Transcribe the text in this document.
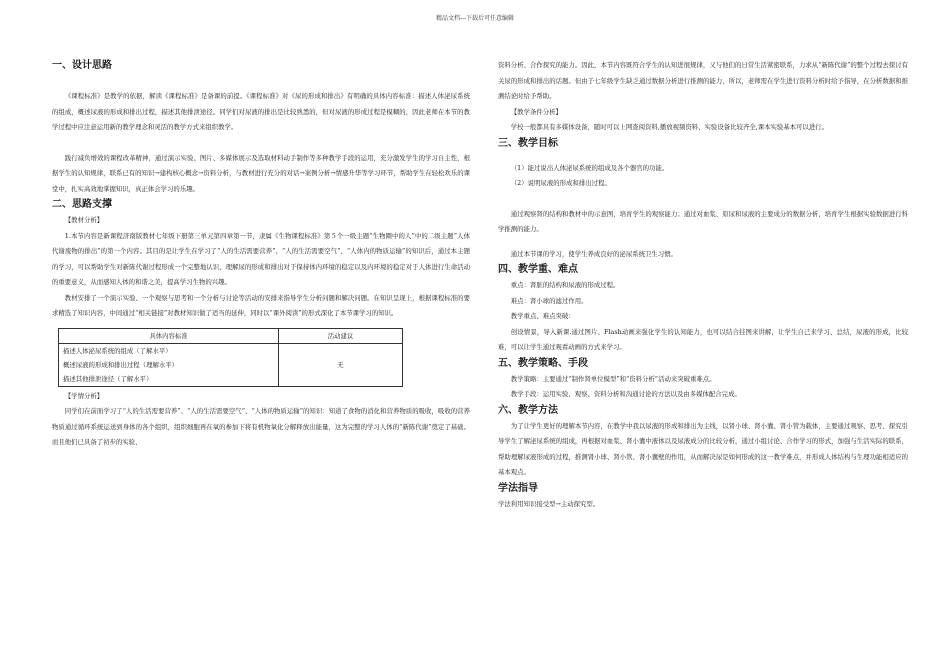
精品文档---下载后可任意编辑
一、设计思路

《课程标准》是教学的依据，解读《课程标准》是备课的前提。《课程标准》对《尿的形成和排出》有明确的具体内容标准：描述人体泌尿系统的组成，概述尿液的形成和排出过程，描述其他排泄途径。同学们对尿液的排出是比较熟悉的，但对尿液的形成过程是模糊的，因此老师在本节的教学过程中应注意运用新的教学理念和灵活的教学方式来组织教学。

践行减负增效的课程改革精神，通过演示实验、图片、多媒体展示及选取材料动手制作等多种教学手段的运用，充分激发学生的学习自主性，根据学生的认知规律，联系已有的知识→建构核心概念→资料分析，与教材进行充分的对话→案例分析→情感升华等学习环节，帮助学生在轻松欢乐的课堂中，扎实高效地掌握知识，真正体会学习的乐趣。

二、思路支撑
【教材分析】

1.本节内容是新课程济南版教材七年级下册第三单元第四章第一节，隶属《生物课程标准》第５个一级主题“生物圈中的人”中的二级主题“人体代谢废物的排出”的第一个内容。其目的是让学生在学习了“人的生活需要营养”、“人的生活需要空气”、“人体内的物质运输”的知识后，通过本主题的学习，可以帮助学生对新陈代谢过程形成一个完整地认识，理解尿的形成和排出对于保持体内环境的稳定以及内环境的稳定对于人体进行生命活动的重要意义，从而感知人体的和谐之美，提高学习生物的兴趣。

教材安排了一个演示实验、一个观察与思考和一个分析与讨论等活动的安排来指导学生分析问题和解决问题。在知识呈现上，根据课程标准的要求精选了知识内容，中间通过“相关链接”对教材知识做了适当的延伸，同时以“课外阅读”的形式深化了本节课学习的知识。

具体内容标准	活动建议

描述人体泌尿系统的组成（了解水平）
概述尿液的形成和排出过程（理解水平）
描述其他排泄途径（了解水平）	无
【学情分析】

同学们在前面学习了“人的生活需要营养”、“人的生活需要空气”、“人体的物质运输”的知识：知道了食物的消化和营养物质的吸收，吸收的营养物质通过循环系统运送到身体的各个组织，组织细胞再在氧的参加下将有机物氧化分解释放出能量，这为完整的学习人体的“新陈代谢”奠定了基础。而且他们已具备了初步的实验、

资料分析、合作探究的能力。因此，本节内容既符合学生的认知进展规律，又与他们的日常生活紧密联系，力求从“新陈代谢”的整个过程去探讨有关尿的形成和排出的话题。但由于七年级学生缺乏通过数据分析进行推测的能力，所以，老师需在学生进行资料分析时给予指导，在分析数据和推测结论时给予帮助。
【教学条件分析】

学校一般都具有多媒体设备，随时可以上网查阅资料,播放视频资料、实验设备比较齐全,课本实验基本可以进行。

三、教学目标
（1）能过说出人体泌尿系统的组成及各个器官的功能。
（2）说明尿液的形成和排出过程。

通过观察肾的结构和教材中的示意图，培育学生的观察能力；通过对血浆、原尿和尿液的主要成分的数据分析，培育学生根据实验数据进行科学推测的能力。

通过本节课的学习，使学生养成良好的泌尿系统卫生习惯。

四、教学重、难点
重点：肾脏的结构和尿液的形成过程。
难点：肾小球的滤过作用。
教学重点、难点突破：

创设情景，导入新课.通过图片、Flash动画来强化学生的认知能力，也可以结合挂图来讲解，让学生自己来学习、总结，尿液的形成，比较难，可以让学生通过观看动画的方式来学习。

五、教学策略、手段
教学策略：主要通过“制作肾单位模型”和“资料分析”活动来突破重难点。
教学手段：运用实验、观察、资料分析和沟通讨论的方法以及由多媒体配合完成。
六、教学方法

为了让学生更好的理解本节内容，在教学中我以尿液的形成和排出为主线，以肾小球、肾小囊、肾小管为载体，主要通过观察、思考、探究引导学生了解泌尿系统的组成，再根据对血浆、肾小囊中液体以及尿液成分的比较分析，通过小组讨论、合作学习的形式，加强与生活实际的联系，帮助理解尿液形成的过程，推测肾小球、肾小管、肾小囊壁的作用，从而解决尿是如何形成的这一教学难点，并形成人体结构与生理功能相适应的基本观点。

学法指导
学法利用知识接受型→主动探究型。
